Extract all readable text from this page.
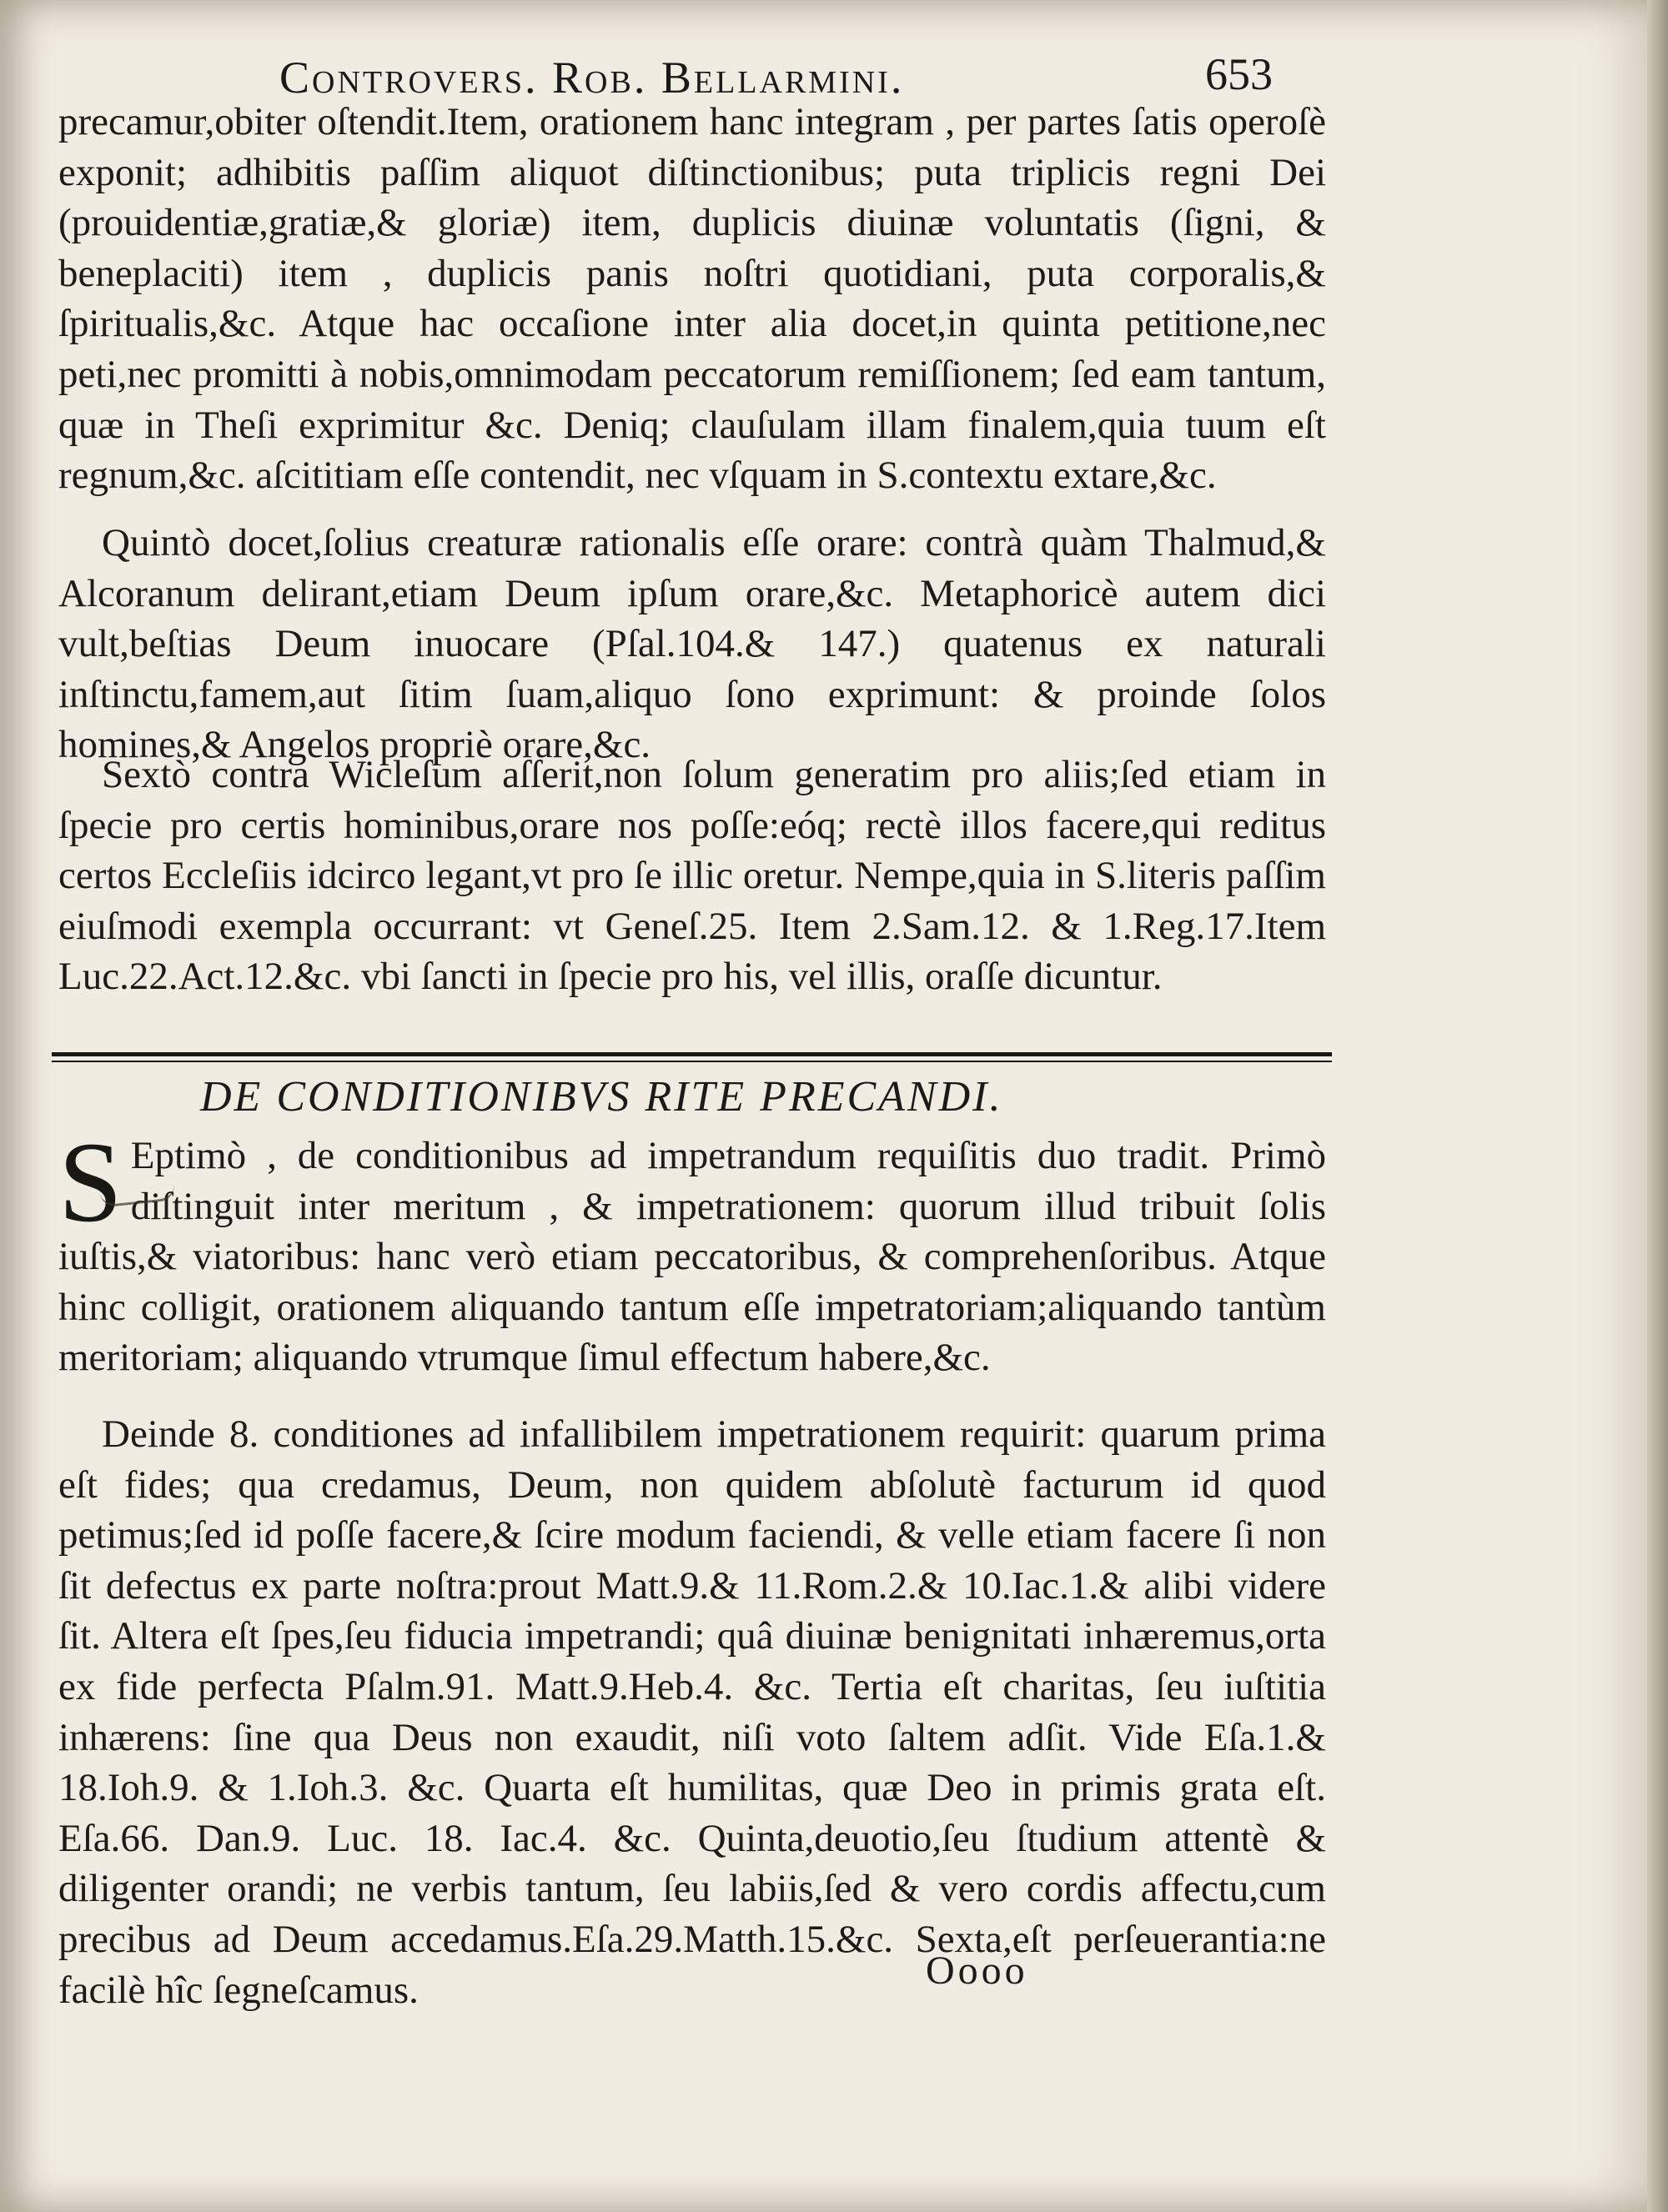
Controvers. Rob. Bellarmini.	653

precamur,obiter oſtendit.Item, orationem hanc integram , per partes ſatis operoſè exponit; adhibitis paſſim aliquot diſtinctionibus; puta triplicis regni Dei (prouidentiæ,gratiæ,& gloriæ) item, duplicis diuinæ voluntatis (ſigni, & beneplaciti) item , duplicis panis noſtri quotidiani, puta corporalis,& ſpiritualis,&c. Atque hac occaſione inter alia docet,in quinta petitione,nec peti,nec promitti à nobis,omnimodam peccatorum remiſſionem; ſed eam tantum, quæ in Theſi exprimitur &c. Deniq; clauſulam illam finalem,quia tuum eſt regnum,&c. aſcititiam eſſe contendit, nec vſquam in S.contextu extare,&c.

Quintò docet,ſolius creaturæ rationalis eſſe orare: contrà quàm Thalmud,& Alcoranum delirant,etiam Deum ipſum orare,&c. Metaphoricè autem dici vult,beſtias Deum inuocare (Pſal.104.& 147.) quatenus ex naturali inſtinctu,famem,aut ſitim ſuam,aliquo ſono exprimunt: & proinde ſolos homines,& Angelos propriè orare,&c.

Sextò contra Wicleſum aſſerit,non ſolum generatim pro aliis;ſed etiam in ſpecie pro certis hominibus,orare nos poſſe:eóq; rectè illos facere,qui reditus certos Eccleſiis idcirco legant,vt pro ſe illic oretur. Nempe,quia in S.literis paſſim eiuſmodi exempla occurrant: vt Geneſ.25. Item 2.Sam.12. & 1.Reg.17.Item Luc.22.Act.12.&c. vbi ſancti in ſpecie pro his, vel illis, oraſſe dicuntur.

DE CONDITIONIBVS RITE PRECANDI.
S Eptimò , de conditionibus ad impetrandum requiſitis duo tradit. Primò diſtinguit inter meritum , & impetrationem: quorum illud tribuit ſolis iuſtis,& viatoribus: hanc verò etiam peccatoribus, & comprehenſoribus. Atque hinc colligit, orationem aliquando tantum eſſe impetratoriam;aliquando tantùm meritoriam; aliquando vtrumque ſimul effectum habere,&c.

Deinde 8. conditiones ad infallibilem impetrationem requirit: quarum prima eſt fides; qua credamus, Deum, non quidem abſolutè facturum id quod petimus;ſed id poſſe facere,& ſcire modum faciendi, & velle etiam facere ſi non ſit defectus ex parte noſtra:prout Matt.9.& 11.Rom.2.& 10.Iac.1.& alibi videre ſit. Altera eſt ſpes,ſeu fiducia impetrandi; quâ diuinæ benignitati inhæremus,orta ex fide perfecta Pſalm.91. Matt.9.Heb.4. &c. Tertia eſt charitas, ſeu iuſtitia inhærens: ſine qua Deus non exaudit, niſi voto ſaltem adſit. Vide Eſa.1.& 18.Ioh.9. & 1.Ioh.3. &c. Quarta eſt humilitas, quæ Deo in primis grata eſt. Eſa.66. Dan.9. Luc. 18. Iac.4. &c. Quinta,deuotio,ſeu ſtudium attentè & diligenter orandi; ne verbis tantum, ſeu labiis,ſed & vero cordis affectu,cum precibus ad Deum accedamus.Eſa.29.Matth.15.&c. Sexta,eſt perſeuerantia:ne facilè hîc ſegneſcamus.	Oooo
